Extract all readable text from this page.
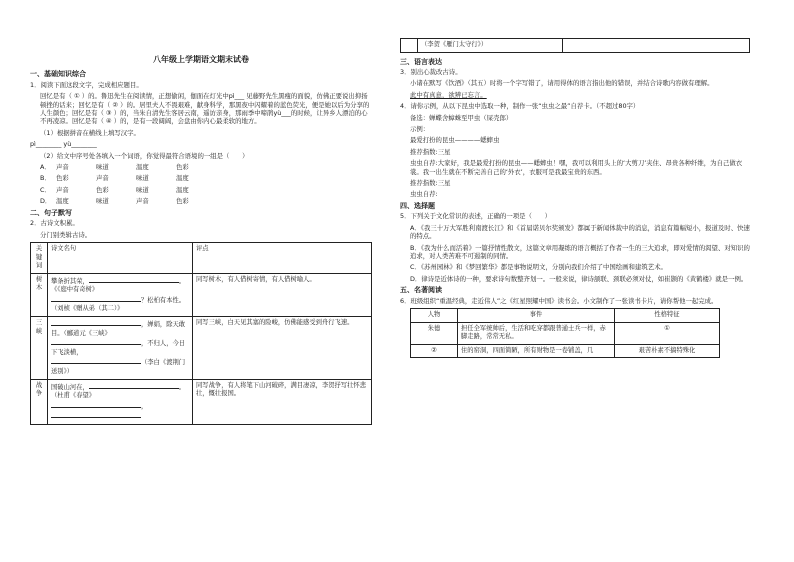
八年级上学期语文期末试卷
一、基础知识综合
1．阅读下面这段文字，完成相应题目。
回忆是有（ ① ）的。鲁迅先生在阅读情，正想偷闲，伽面在灯光中pì___ 见藤野先生黑瘦的面貌，仿佛正要说出抑扬顿挫的话来；回忆是有（ ② ）的。居里夫人不畏艰难，献身科学，那黑夜中闪耀着的蓝色荧光，便是她以后为分享的人生颜色；回忆是有（ ③ ）的，当朱自清先生客居云南，遥访亲身，那雨季中啼鹃yù___的时候，让异乡人漂泊的心不再凌凉。回忆是有（ ④ ）的，是有一段阔阔，会盘由你内心最柔软的地方。
（1）根据拼音在横线上填写汉字。
pì________ yù________
（2）给文中序号处各填入一个词语，你觉得最符合语境的一组是（　　）
A． 声音	味道	温度	色彩
B． 色彩	声音	味道	温度
C． 声音	色彩	味道	温度
D． 温度	味道	声音	色彩
二、句子默写
2．古诗文积累。
分门别类辑古诗。
关键词	诗文名句	评点
树木	攀条折其荣， 。《《庭中有奇树》
？松柏有本性。（刘桢《赠从弟（其二）》	同写树木，有人借树寄情，有人借树喻人。
三峡	，婵娟，除天敢目。（郦道元《三峡》
，不归人，今日下飞淡横，
（李白《渡荆门送别》）	同写三峡，白天见其塞的险峻，仿佛能感受到舟行飞速。
战争	国破山河在， 。（杜甫《春望》
，	同写战争，有人将笔下山河破碎，满目凄凉，李贺抒写壮怀悲壮，慨壮报国。
	（李贺《雁门太守行》）	
三、语言表达
3．别出心裁改古诗。
小诸在默写《饮酒》（其五）时将一个字写错了，请用得体的语言指出他的错误，并结合诗歌内容做有理解。
此中有真意，欲辨已忘言。
4．请你示例，从以下昆虫中选取一种，制作一张“虫虫之最”自荐卡。（不超过80字）
备选：蝉蝶舍蟑蛛至甲虫（屎壳郎）
示例：
最爱打扮的昆虫————蟋蟀虫
推荐指数:三星
虫虫自荐:大家好，我是最爱打扮的昆虫——蟋蟀虫！嘿，我可以利用头上的‘大剪刀’夹住、昂贵各种纤维，为自己做衣裳。我一出生就在不断完善自己的‘外衣’，衣服可是我最宝贵的东西。
推荐指数:三星
虫虫自荐:
四、选择题
5．下列关于文化常识的表述，正确的一项是（　　）
A．《我三十万大军胜利南渡长江》和《首届诺贝尔奖颁发》都属于新闻体裁中的消息，消息有篇幅短小，报道及时、快速的特点。
B．《我为什么而活着》一篇抒情性散文，这篇文章用凝练的语言概括了作者一生的三大追求，即对爱情的渴望、对知识的追求，对人类苦难不可遏制的同情。
C．《苏州园林》和《梦回繁华》都是事物说明文，分别向我们介绍了中国绘画和建筑艺术。
D．律诗是近体诗的一种，要求诗句数整齐划一。一般来说，律诗颔联、颈联必须对仗，如崔颢的《黄鹤楼》就是一例。
五、名著阅读
6．班级组织“重温经典，走近伟人”之《红星照耀中国》读书会。小文制作了一张读书卡片，请你帮他一起完成。
人物	事件	性格特征
朱德	担任全军统帅后，生活和吃穿都跟普通士兵一样，赤脚走路，常常无私。	①
②	住的窑洞，四面简陋，所有财物是一卷铺盖，几	艰苦朴素不搞特殊化
